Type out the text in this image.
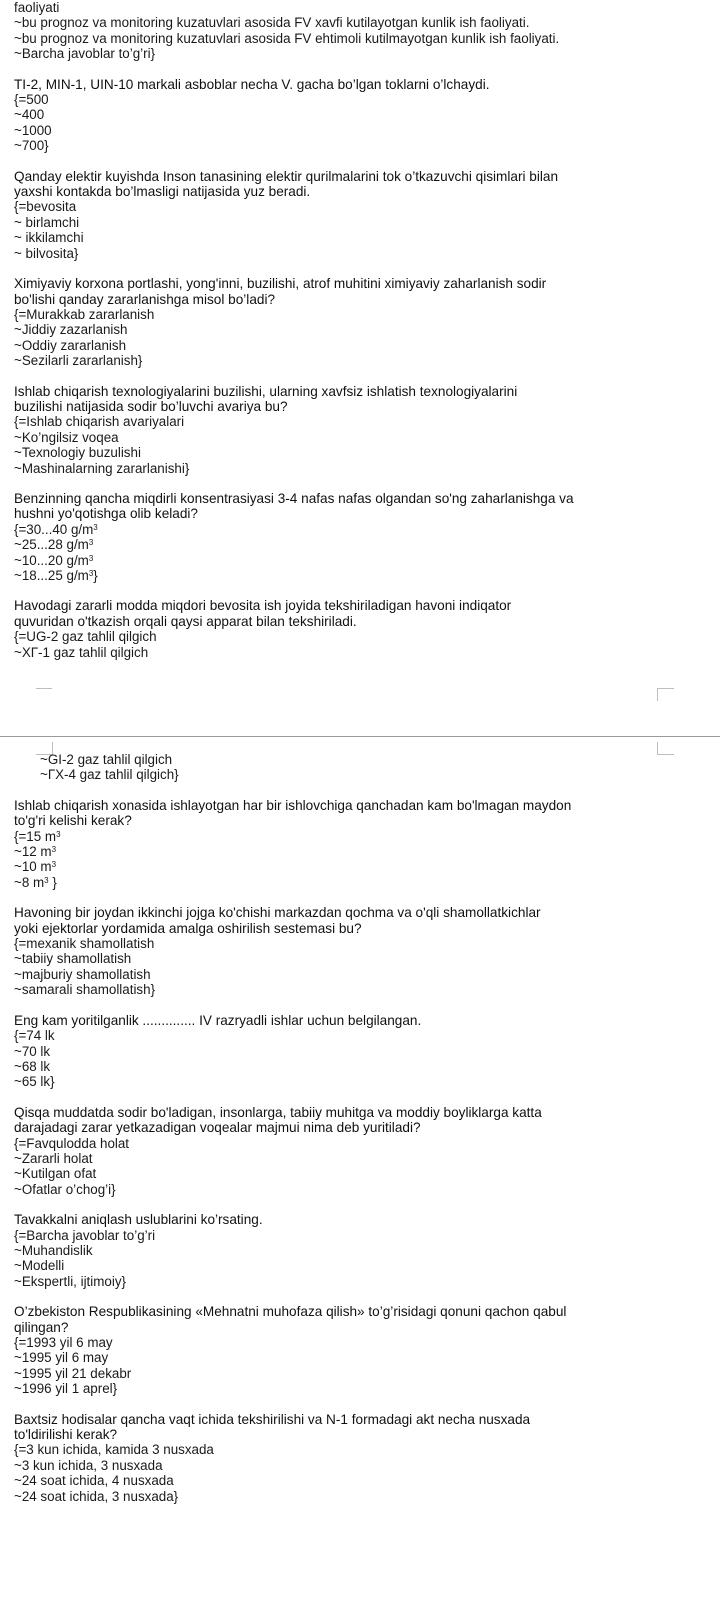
faoliyati
~bu prognoz va monitoring kuzatuvlari asosida FV xavfi kutilayotgan kunlik ish faoliyati.
~bu prognoz va monitoring kuzatuvlari asosida FV ehtimoli kutilmayotgan kunlik ish faoliyati.
~Barcha javoblar to’g’ri}
TI-2, MIN-1, UIN-10 markali asboblar necha V. gacha bo’lgan toklarni o’lchaydi.
{=500
~400
~1000
~700}
Qanday elektir kuyishda Inson tanasining elektir qurilmalarini tok o’tkazuvchi qisimlari bilan
yaxshi kontakda bo’lmasligi natijasida yuz beradi.
{=bevosita
~ birlamchi
~ ikkilamchi
~ bilvosita}
Ximiyaviy korxona portlashi, yong'inni, buzilishi, atrof muhitini ximiyaviy zaharlanish sodir
bo'lishi qanday zararlanishga misol bo’ladi?
{=Murakkab zararlanish
~Jiddiy zazarlanish
~Oddiy zararlanish
~Sezilarli zararlanish}
Ishlab chiqarish texnologiyalarini buzilishi, ularning xavfsiz ishlatish texnologiyalarini
buzilishi natijasida sodir bo’luvchi avariya bu?
{=Ishlab chiqarish avariyalari
~Ko’ngilsiz voqea
~Texnologiy buzulishi
~Mashinalarning zararlanishi}
Benzinning qancha miqdirli konsentrasiyasi 3-4 nafas nafas olgandan so'ng zaharlanishga va
hushni yo'qotishga olib keladi?
{=30...40 $g/m^3$
~25...28 $g/m^3$
~10...20 $g/m^3$
~18...25 $g/m^3$}
Havodagi zararli modda miqdori bevosita ish joyida tekshiriladigan havoni indiqator
quvuridan o'tkazish orqali qaysi apparat bilan tekshiriladi.
{=UG-2 gaz tahlil qilgich
~XГ-1 gaz tahlil qilgich
~GI-2 gaz tahlil qilgich
~ГХ-4 gaz tahlil qilgich}
Ishlab chiqarish xonasida ishlayotgan har bir ishlovchiga qanchadan kam bo'lmagan maydon
to'g'ri kelishi kerak?
{=15 $m^3$
~12 $m^3$
~10 $m^3$
~8 $m^3$ }
Havoning bir joydan ikkinchi jojga ko'chishi markazdan qochma va o'qli shamollatkichlar
yoki ejektorlar yordamida amalga oshirilish sestemasi bu?
{=mexanik shamollatish
~tabiiy shamollatish
~majburiy shamollatish
~samarali shamollatish}
Eng kam yoritilganlik .............. IV razryadli ishlar uchun belgilangan.
{=74 lk
~70 lk
~68 lk
~65 lk}
Qisqa muddatda sodir bo'ladigan, insonlarga, tabiiy muhitga va moddiy boyliklarga katta
darajadagi zarar yetkazadigan voqealar majmui nima deb yuritiladi?
{=Favqulodda holat
~Zararli holat
~Kutilgan ofat
~Ofatlar o’chog’i}
Tavakkalni aniqlash uslublarini ko’rsating.
{=Barcha javoblar to’g’ri
~Muhandislik
~Modelli
~Ekspertli, ijtimoiy}
O’zbekiston Respublikasining «Mehnatni muhofaza qilish» to’g’risidagi qonuni qachon qabul
qilingan?
{=1993 yil 6 may
~1995 yil 6 may
~1995 yil 21 dekabr
~1996 yil 1 aprel}
Baxtsiz hodisalar qancha vaqt ichida tekshirilishi va N-1 formadagi akt necha nusxada
to'ldirilishi kerak?
{=3 kun ichida, kamida 3 nusxada
~3 kun ichida, 3 nusxada
~24 soat ichida, 4 nusxada
~24 soat ichida, 3 nusxada}
